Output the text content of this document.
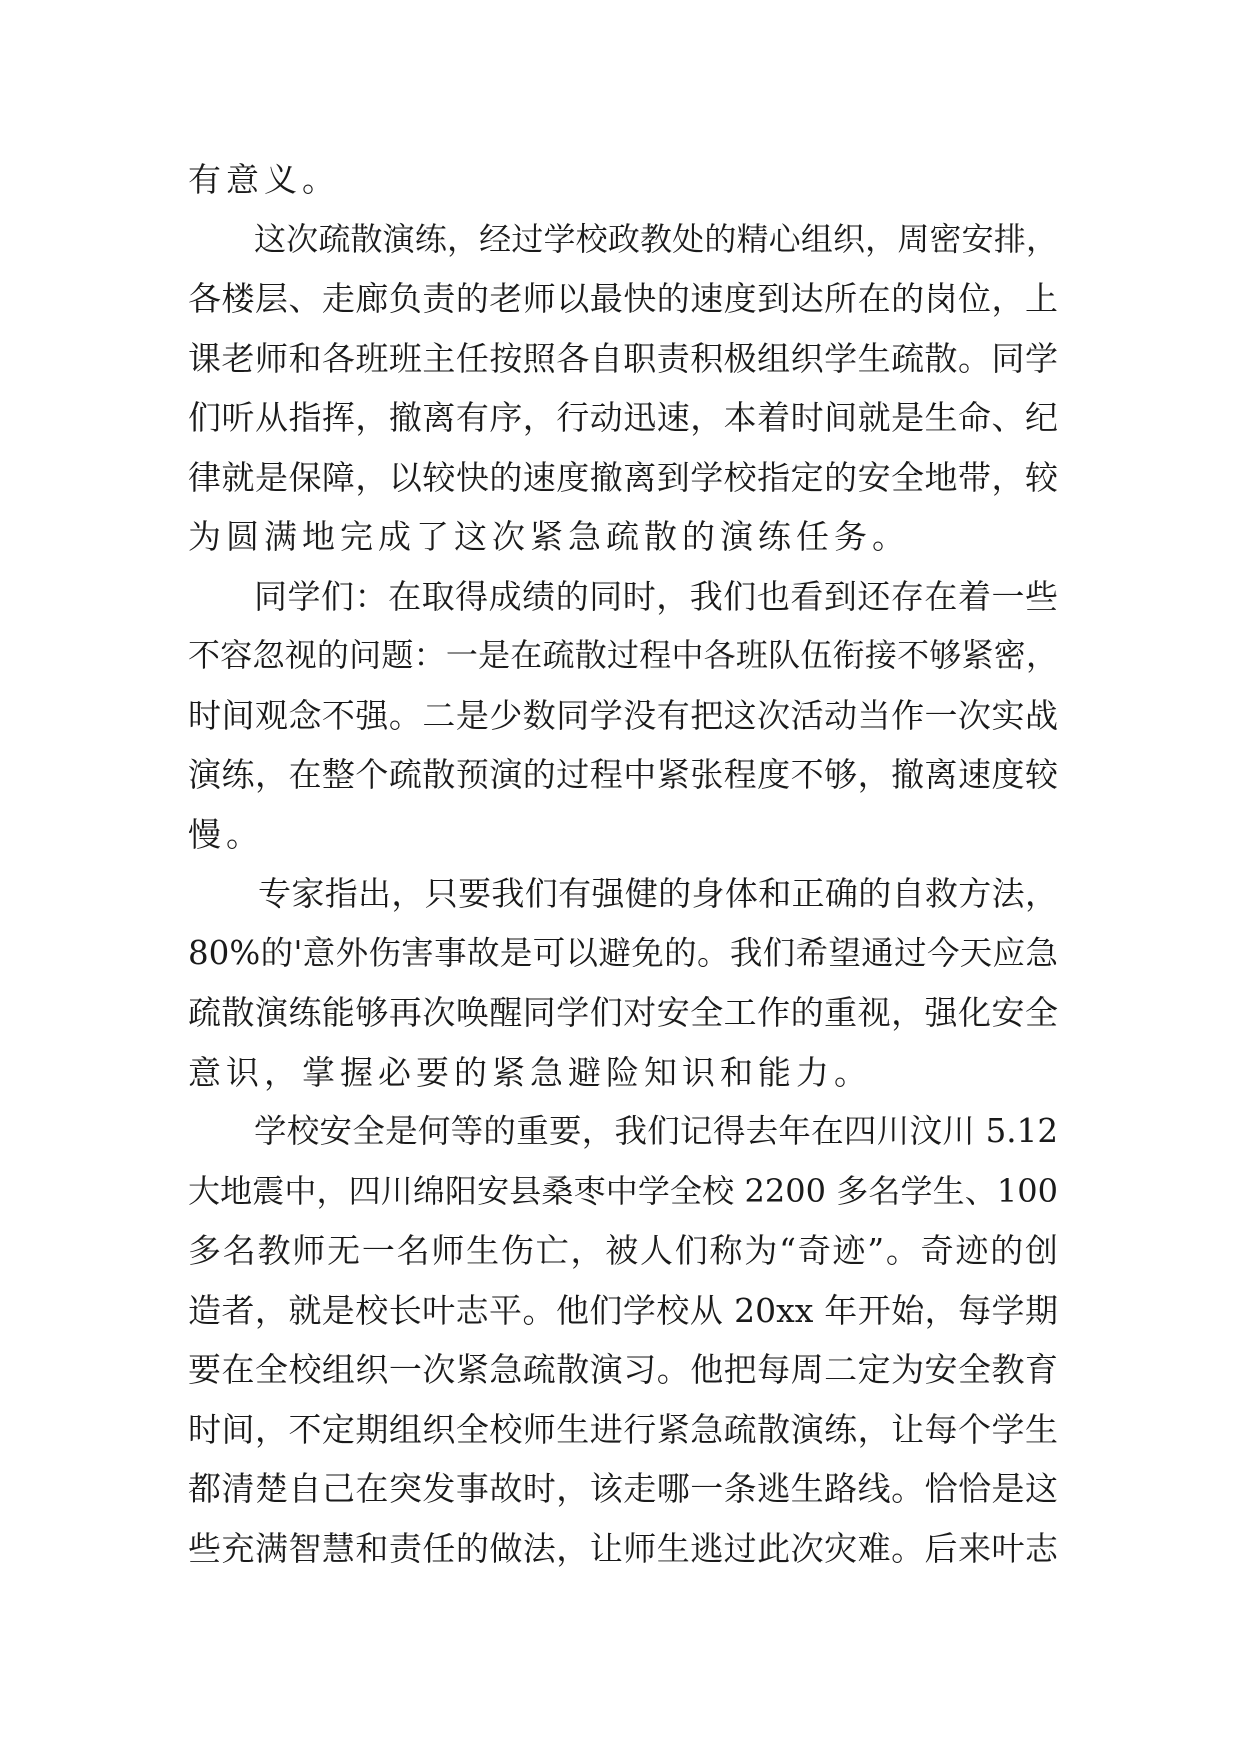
有意义。
这次疏散演练，经过学校政教处的精心组织，周密安排，
各楼层、走廊负责的老师以最快的速度到达所在的岗位，上
课老师和各班班主任按照各自职责积极组织学生疏散。同学
们听从指挥，撤离有序，行动迅速，本着时间就是生命、纪
律就是保障，以较快的速度撤离到学校指定的安全地带，较
为圆满地完成了这次紧急疏散的演练任务。
同学们：在取得成绩的同时，我们也看到还存在着一些
不容忽视的问题：一是在疏散过程中各班队伍衔接不够紧密，
时间观念不强。二是少数同学没有把这次活动当作一次实战
演练，在整个疏散预演的过程中紧张程度不够，撤离速度较
慢。
专家指出，只要我们有强健的身体和正确的自救方法，
80%的'意外伤害事故是可以避免的。我们希望通过今天应急
疏散演练能够再次唤醒同学们对安全工作的重视，强化安全
意识，掌握必要的紧急避险知识和能力。
学校安全是何等的重要，我们记得去年在四川汶川 5.12
大地震中，四川绵阳安县桑枣中学全校 2200 多名学生、100
多名教师无一名师生伤亡，被人们称为“奇迹”。奇迹的创
造者，就是校长叶志平。他们学校从 20xx 年开始，每学期
要在全校组织一次紧急疏散演习。他把每周二定为安全教育
时间，不定期组织全校师生进行紧急疏散演练，让每个学生
都清楚自己在突发事故时，该走哪一条逃生路线。恰恰是这
些充满智慧和责任的做法，让师生逃过此次灾难。后来叶志
